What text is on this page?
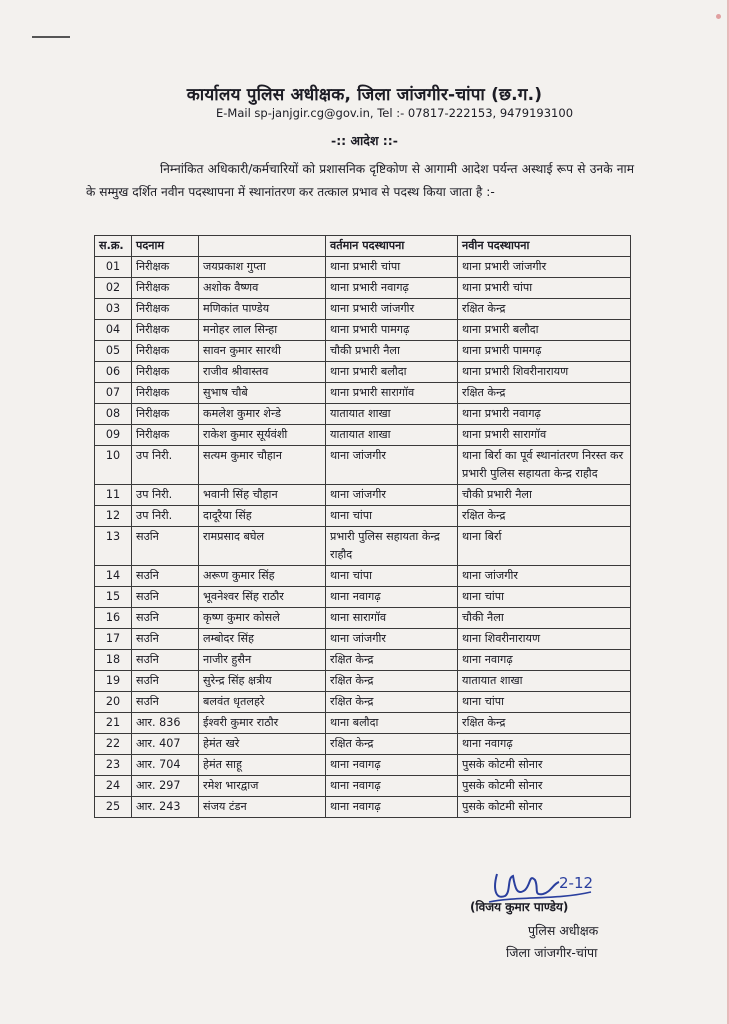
कार्यालय पुलिस अधीक्षक, जिला जांजगीर-चांपा (छ.ग.)
E-Mail sp-janjgir.cg@gov.in, Tel :- 07817-222153, 9479193100
-:: आदेश ::-

निम्नांकित अधिकारी/कर्मचारियों को प्रशासनिक दृष्टिकोण से आगामी आदेश पर्यन्त अस्थाई रूप से उनके नाम के सम्मुख दर्शित नवीन पदस्थापना में स्थानांतरण कर तत्काल प्रभाव से पदस्थ किया जाता है :-

स.क्र.	पदनाम		वर्तमान पदस्थापना	नवीन पदस्थापना
01	निरीक्षक	जयप्रकाश गुप्ता	थाना प्रभारी चांपा	थाना प्रभारी जांजगीर
02	निरीक्षक	अशोक वैष्णव	थाना प्रभारी नवागढ़	थाना प्रभारी चांपा
03	निरीक्षक	मणिकांत पाण्डेय	थाना प्रभारी जांजगीर	रक्षित केन्द्र
04	निरीक्षक	मनोहर लाल सिन्हा	थाना प्रभारी पामगढ़	थाना प्रभारी बलौदा
05	निरीक्षक	सावन कुमार सारथी	चौकी प्रभारी नैला	थाना प्रभारी पामगढ़
06	निरीक्षक	राजीव श्रीवास्तव	थाना प्रभारी बलौदा	थाना प्रभारी शिवरीनारायण
07	निरीक्षक	सुभाष चौबे	थाना प्रभारी सारागॉव	रक्षित केन्द्र
08	निरीक्षक	कमलेश कुमार शेन्डे	यातायात शाखा	थाना प्रभारी नवागढ़
09	निरीक्षक	राकेश कुमार सूर्यवंशी	यातायात शाखा	थाना प्रभारी सारागॉव
10	उप निरी.	सत्यम कुमार चौहान	थाना जांजगीर	थाना बिर्रा का पूर्व स्थानांतरण निरस्त कर प्रभारी पुलिस सहायता केन्द्र राहौद
11	उप निरी.	भवानी सिंह चौहान	थाना जांजगीर	चौकी प्रभारी नैला
12	उप निरी.	दादूरैया सिंह	थाना चांपा	रक्षित केन्द्र
13	सउनि	रामप्रसाद बघेल	प्रभारी पुलिस सहायता केन्द्र राहौद	थाना बिर्रा
14	सउनि	अरूण कुमार सिंह	थाना चांपा	थाना जांजगीर
15	सउनि	भूवनेश्वर सिंह राठौर	थाना नवागढ़	थाना चांपा
16	सउनि	कृष्ण कुमार कोसले	थाना सारागॉव	चौकी नैला
17	सउनि	लम्बोदर सिंह	थाना जांजगीर	थाना शिवरीनारायण
18	सउनि	नाजीर हुसैन	रक्षित केन्द्र	थाना नवागढ़
19	सउनि	सुरेन्द्र सिंह क्षत्रीय	रक्षित केन्द्र	यातायात शाखा
20	सउनि	बलवंत धृतलहरे	रक्षित केन्द्र	थाना चांपा
21	आर. 836	ईश्वरी कुमार राठौर	थाना बलौदा	रक्षित केन्द्र
22	आर. 407	हेमंत खरे	रक्षित केन्द्र	थाना नवागढ़
23	आर. 704	हेमंत साहू	थाना नवागढ़	पुसके कोटमी सोनार
24	आर. 297	रमेश भारद्वाज	थाना नवागढ़	पुसके कोटमी सोनार
25	आर. 243	संजय टंडन	थाना नवागढ़	पुसके कोटमी सोनार
2-12
(विजय कुमार पाण्डेय)
पुलिस अधीक्षक
जिला जांजगीर-चांपा
